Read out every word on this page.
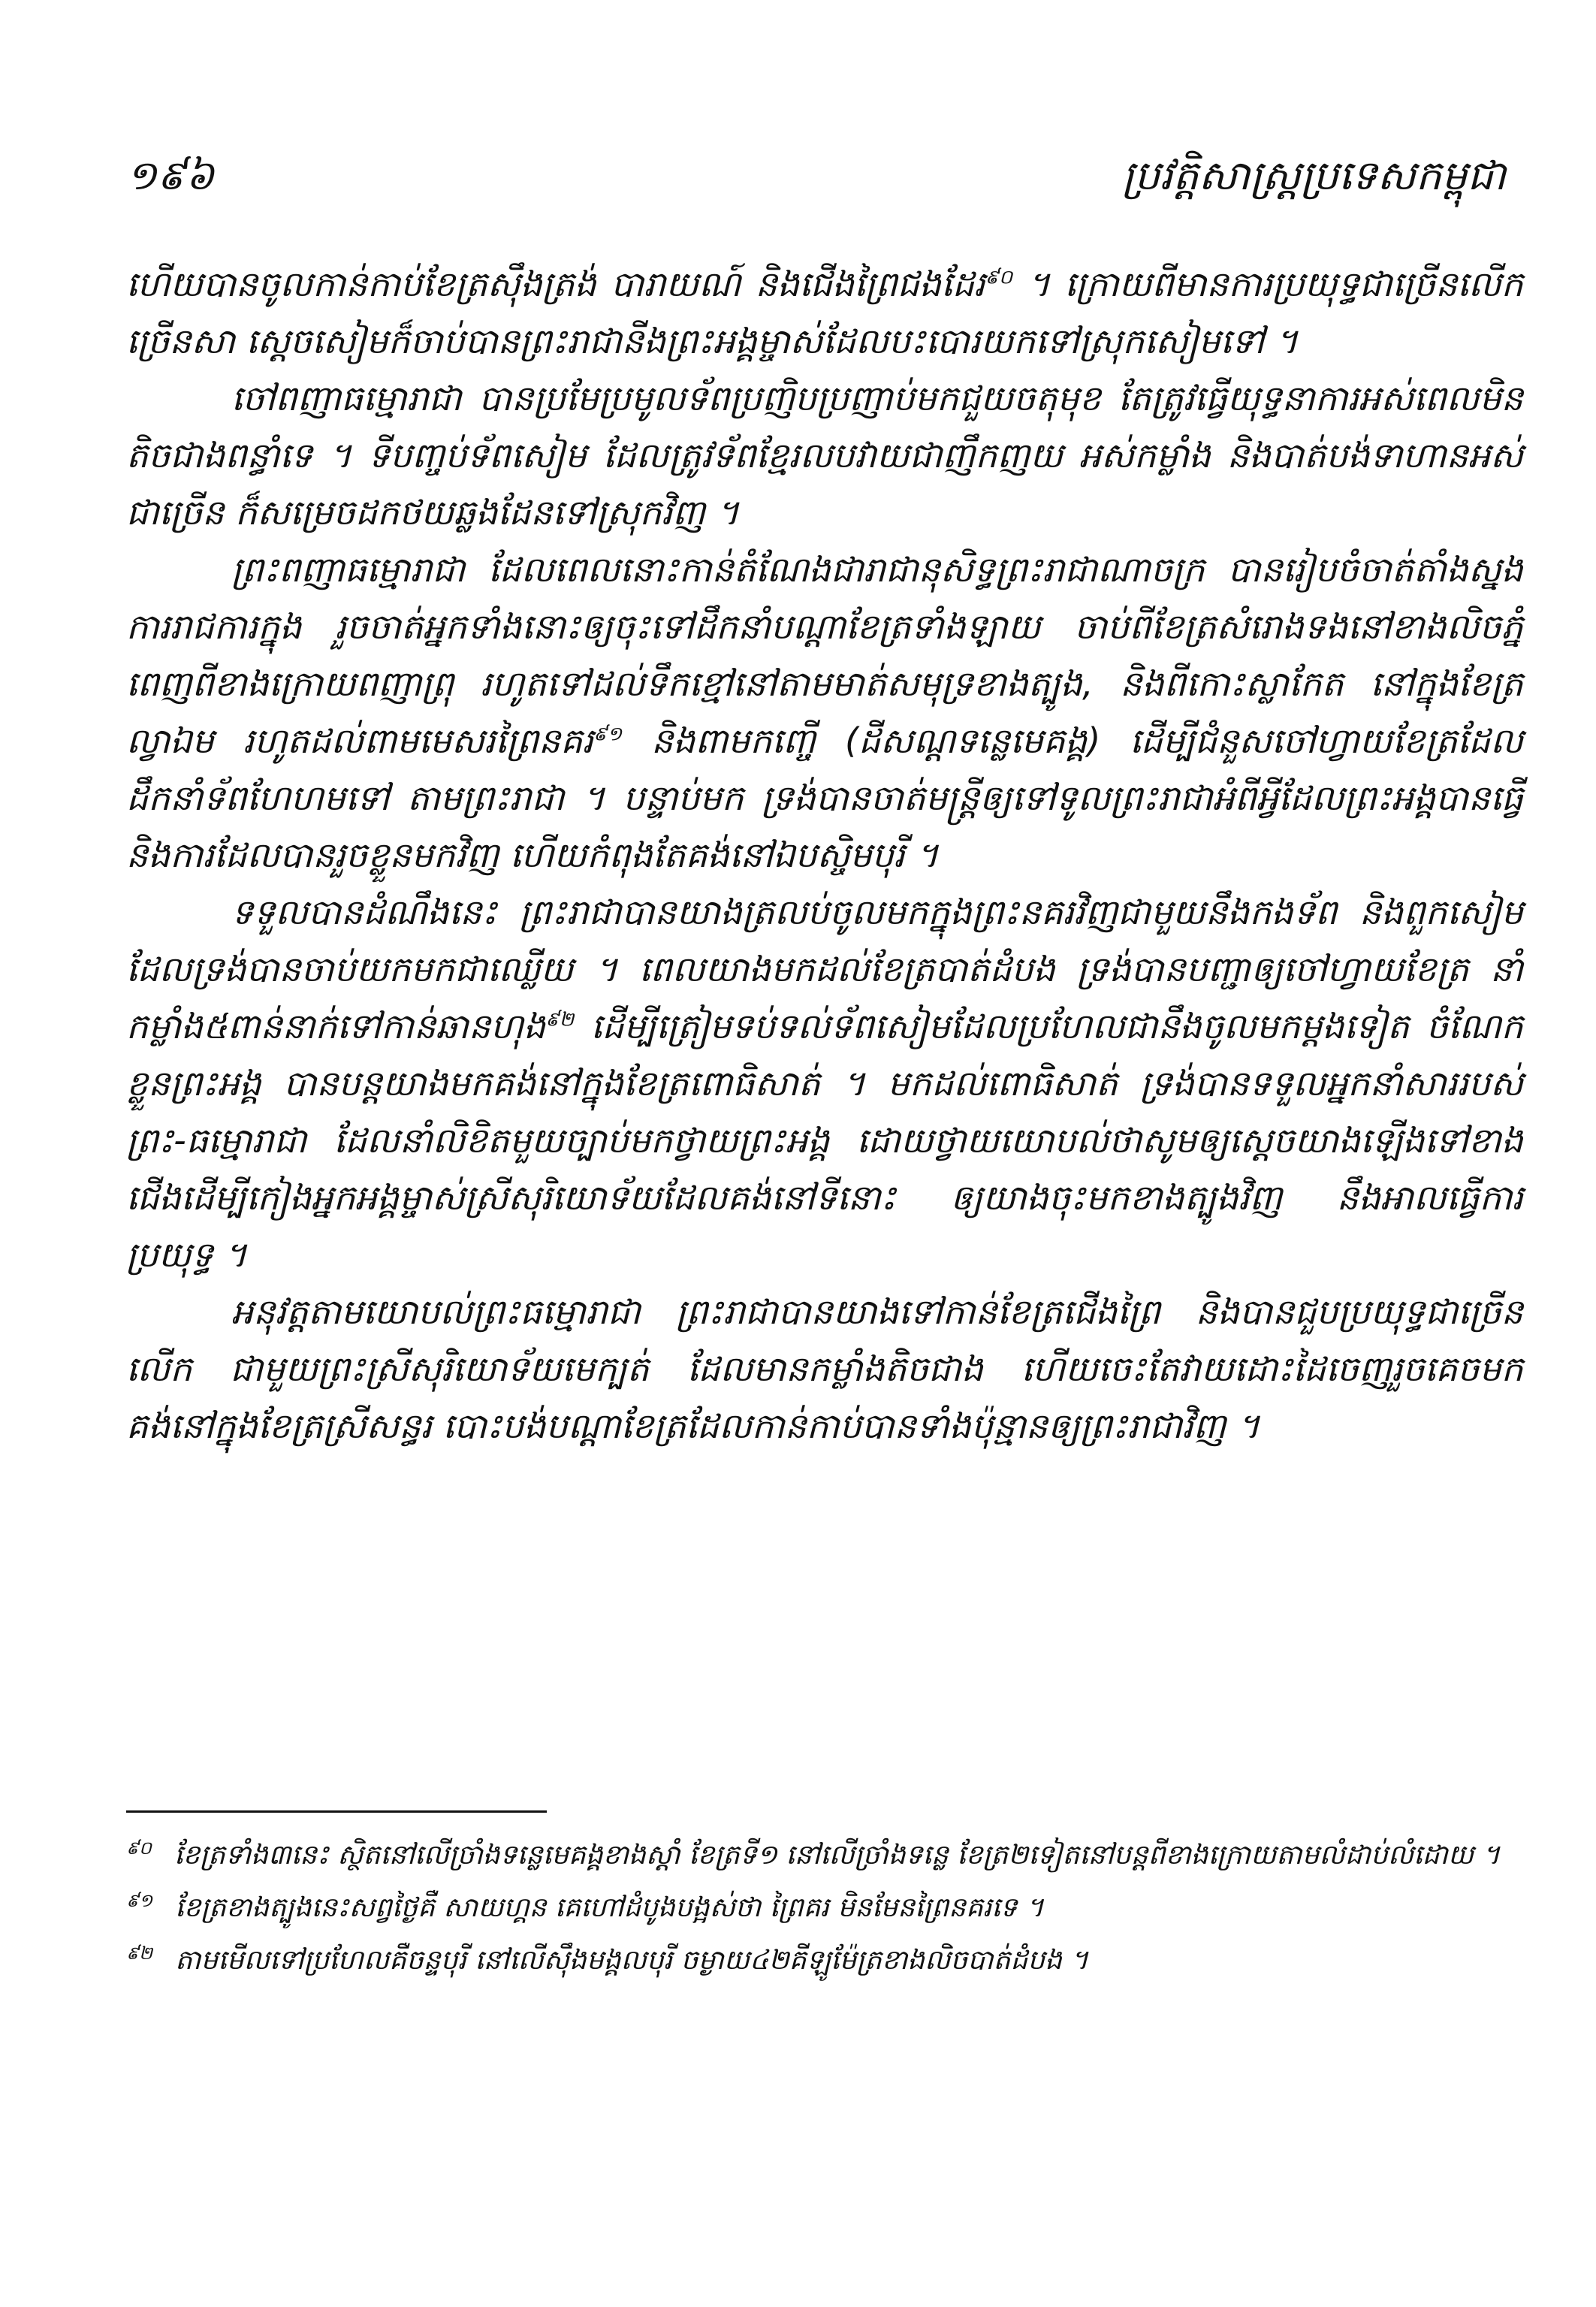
១៩៦	ប្រវត្តិសាស្ត្រប្រទេសកម្ពុជា

ហើយបានចូលកាន់កាប់ខែត្រស៊ឹងត្រង់ បារាយណ៍ និងជើងព្រៃជងដែរ$^{៩០}$ ។ ក្រោយពីមានការប្រយុទ្ធជាច្រើនលើកច្រើនសា ស្តេចសៀមក៏ចាប់បានព្រះរាជានីងព្រះអង្គម្ចាស់ដែលបះបោរយកទៅស្រុកសៀមទៅ ។

ចៅពញាធម្មោរាជា បានប្រមែប្រមូលទ័ពប្រញិបប្រញាប់មកជួយចតុមុខ តែត្រូវធ្វើយុទ្ធនាការអស់ពេលមិនតិចជាងពន្ធាំទេ ។ ទីបញ្ចប់ទ័ពសៀម ដែលត្រូវទ័ពខ្មែរលបវាយជាញឹកញយ អស់កម្លាំង និងបាត់បង់ទាហានអស់ជាច្រើន ក៏សម្រេចដកថយឆ្លងដែនទៅស្រុកវិញ ។

ព្រះពញាធម្មោរាជា ដែលពេលនោះកាន់តំណែងជារាជានុសិទ្ធព្រះរាជាណាចក្រ បានរៀបចំចាត់តាំងស្នងការរាជការក្នុង រួចចាត់អ្នកទាំងនោះឲ្យចុះទៅដឹកនាំបណ្តាខែត្រទាំងឡាយ ចាប់ពីខែត្រសំរោងទងនៅខាងលិចភ្នំពេញពីខាងក្រោយពញាពុ្រ រហូតទៅដល់ទឹកខ្មៅនៅតាមមាត់សមុទ្រខាងត្បូង, និងពីកោះស្លាកែត នៅក្នុងខែត្រល្វាឯម រហូតដល់ពាមមេសរព្រៃនគរ$^{៩១}$ និងពាមកញ្ចើ (ដីសណ្តទន្លេមេគង្គ) ដើម្បីជំនួសចៅហ្វាយខែត្រដែលដឹកនាំទ័ពហែហមទៅ តាមព្រះរាជា ។ បន្ទាប់មក ទ្រង់បានចាត់មន្ត្រីឲ្យទៅទូលព្រះរាជាអំពីអ្វីដែលព្រះអង្គបានធ្វើ និងការដែលបានរួចខ្លួនមកវិញ ហើយកំពុងតែគង់នៅឯបសិ្ចមបុរី ។

ទទួលបានដំណឹងនេះ ព្រះរាជាបានយាងត្រលប់ចូលមកក្នុងព្រះនគរវិញជាមួយនឹងកងទ័ព និងពួកសៀមដែលទ្រង់បានចាប់យកមកជាឈ្លើយ ។ ពេលយាងមកដល់ខែត្របាត់ដំបង ទ្រង់បានបញ្ជាឲ្យចៅហ្វាយខែត្រ នាំកម្លាំង៥ពាន់នាក់ទៅកាន់ឆានហុង$^{៩២}$ ដើម្បីត្រៀមទប់ទល់ទ័ពសៀមដែលប្រហែលជានឹងចូលមកម្តងទៀត ចំណែកខ្លួនព្រះអង្គ បានបន្តយាងមកគង់នៅក្នុងខែត្រពោធិសាត់ ។ មកដល់ពោធិសាត់ ទ្រង់បានទទួលអ្នកនាំសាររបស់ព្រះ-ធម្មោរាជា ដែលនាំលិខិតមួយច្បាប់មកថ្វាយព្រះអង្គ ដោយថ្វាយយោបល់ថាសូមឲ្យស្តេចយាងឡើងទៅខាងជើងដើម្បីកៀងអ្នកអង្គម្ចាស់ស្រីសុរិយោទ័យដែលគង់នៅទីនោះ ឲ្យយាងចុះមកខាងត្បូងវិញ នឹងអាលធ្វើការប្រយុទ្ធ ។

អនុវត្តតាមយោបល់ព្រះធម្មោរាជា ព្រះរាជាបានយាងទៅកាន់ខែត្រជើងព្រៃ និងបានជួបប្រយុទ្ធជាច្រើនលើក ជាមួយព្រះស្រីសុរិយោទ័យមេក្បត់ ដែលមានកម្លាំងតិចជាង ហើយចេះតែវាយដោះដៃចេញរួចគេចមកគង់នៅក្នុងខែត្រស្រីសន្ធរ បោះបង់បណ្តាខែត្រដែលកាន់កាប់បានទាំងប៉ុន្មានឲ្យព្រះរាជាវិញ ។

$^{៩០}$ ខែត្រទាំង៣នេះ ស្ថិតនៅលើច្រាំងទន្លេមេគង្គខាងស្តាំ ខែត្រទី១ នៅលើច្រាំងទន្លេ ខែត្រ២ទៀតនៅបន្តពីខាងក្រោយតាមលំដាប់លំដោយ ។

$^{៩១}$ ខែត្រខាងត្បូងនេះសព្វថ្ងៃគឺ សាយហ្គន គេហៅដំបូងបង្អស់ថា ព្រៃគរ មិនមែនព្រៃនគរទេ ។

$^{៩២}$ តាមមើលទៅប្រហែលគឺចន្ទបុរី នៅលើស៊ឹងមង្គលបុរី ចម្ងាយ៤២គីឡូម៉ែត្រខាងលិចបាត់ដំបង ។
